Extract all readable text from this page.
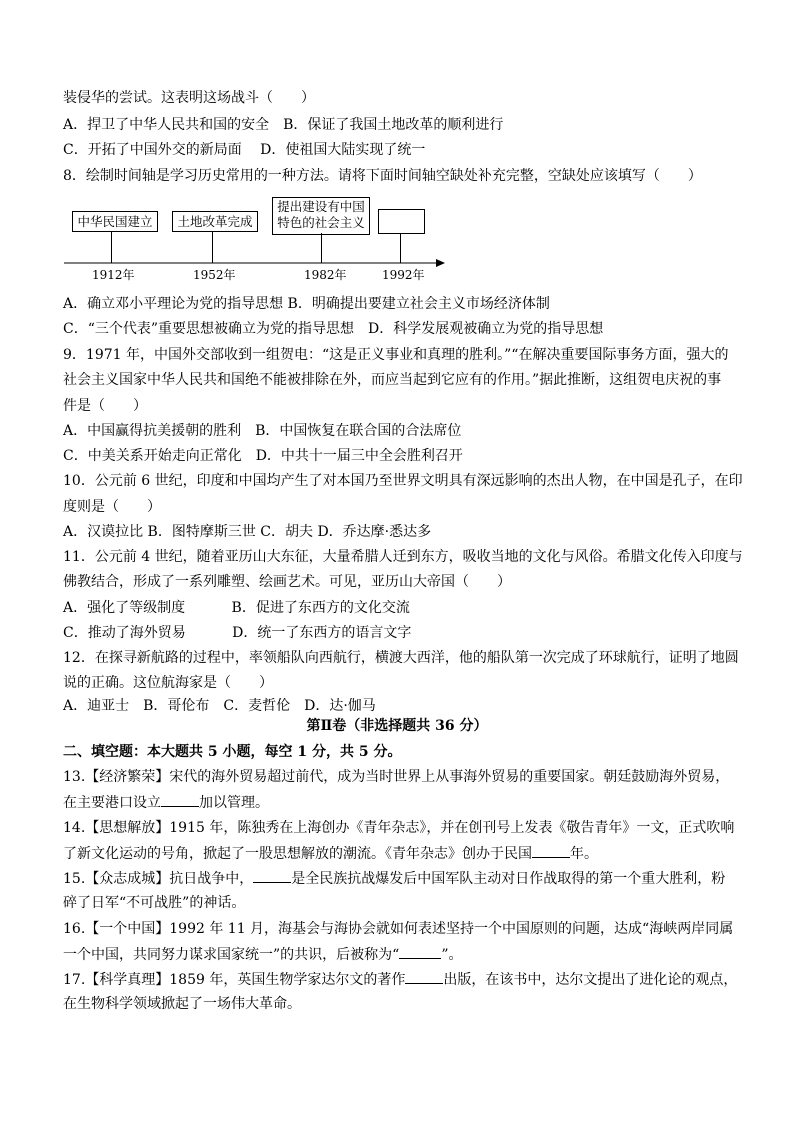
装侵华的尝试。这表明这场战斗（　　）
A．捍卫了中华人民共和国的安全　B．保证了我国土地改革的顺利进行
C．开拓了中国外交的新局面　 D．使祖国大陆实现了统一
8．绘制时间轴是学习历史常用的一种方法。请将下面时间轴空缺处补充完整，空缺处应该填写（　　）
中华民国建立	土地改革完成
提出建设有中国
特色的社会主义
1912年	1952年	1982年	1992年
A．确立邓小平理论为党的指导思想 B．明确提出要建立社会主义市场经济体制
C．“三个代表”重要思想被确立为党的指导思想　D．科学发展观被确立为党的指导思想
9．1971 年，中国外交部收到一组贺电：“这是正义事业和真理的胜利。”“在解决重要国际事务方面，强大的
社会主义国家中华人民共和国绝不能被排除在外，而应当起到它应有的作用。”据此推断，这组贺电庆祝的事
件是（　　）
A．中国赢得抗美援朝的胜利　B．中国恢复在联合国的合法席位
C．中美关系开始走向正常化　D．中共十一届三中全会胜利召开
10．公元前 6 世纪，印度和中国均产生了对本国乃至世界文明具有深远影响的杰出人物，在中国是孔子，在印
度则是（　　）
A．汉谟拉比 B．图特摩斯三世 C．胡夫 D．乔达摩·悉达多
11．公元前 4 世纪，随着亚历山大东征，大量希腊人迁到东方，吸收当地的文化与风俗。希腊文化传入印度与
佛教结合，形成了一系列雕塑、绘画艺术。可见，亚历山大帝国（　　）
A．强化了等级制度　　　 B．促进了东西方的文化交流
C．推动了海外贸易　　　 D．统一了东西方的语言文字
12．在探寻新航路的过程中，率领船队向西航行，横渡大西洋，他的船队第一次完成了环球航行，证明了地圆
说的正确。这位航海家是（　　）
A．迪亚士　B．哥伦布　C．麦哲伦　D．达·伽马
第Ⅱ卷（非选择题共 36 分）
二、填空题：本大题共 5 小题，每空 1 分，共 5 分。
13.【经济繁荣】宋代的海外贸易超过前代，成为当时世界上从事海外贸易的重要国家。朝廷鼓励海外贸易，
在主要港口设立	加以管理。
14.【思想解放】1915 年，陈独秀在上海创办《青年杂志》，并在创刊号上发表《敬告青年》一文，正式吹响
了新文化运动的号角，掀起了一股思想解放的潮流。《青年杂志》创办于民国	年。
15.【众志成城】抗日战争中，	是全民族抗战爆发后中国军队主动对日作战取得的第一个重大胜利，粉
碎了日军“不可战胜”的神话。
16.【一个中国】1992 年 11 月，海基会与海协会就如何表述坚持一个中国原则的问题，达成“海峡两岸同属
一个中国，共同努力谋求国家统一”的共识，后被称为“	”。
17.【科学真理】1859 年，英国生物学家达尔文的著作	出版，在该书中，达尔文提出了进化论的观点，
在生物科学领域掀起了一场伟大革命。
